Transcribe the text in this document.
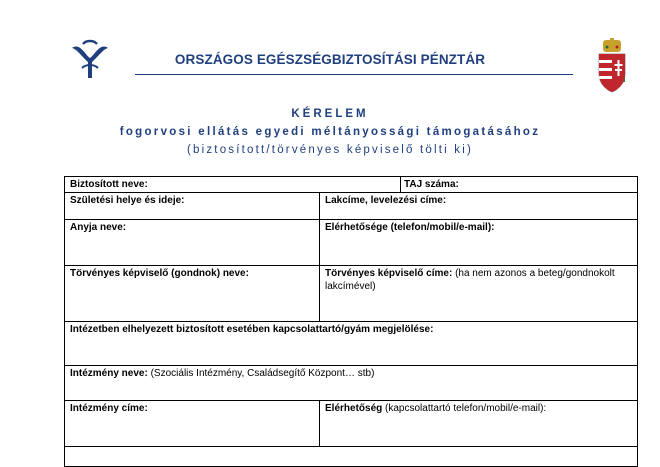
ORSZÁGOS EGÉSZSÉGBIZTOSÍTÁSI PÉNZTÁR
KÉRELEM
fogorvosi ellátás egyedi méltányossági támogatásához
(biztosított/törvényes képviselő tölti ki)
Biztosított neve:		TAJ száma:
Születési helye és ideje:	Lakcíme, levelezési címe:	
Anyja neve:	Elérhetősége (telefon/mobil/e-mail):	
Törvényes képviselő (gondnok) neve:	Törvényes képviselő címe: (ha nem azonos a beteg/gondnokolt lakcímével)	
Intézetben elhelyezett biztosított esetében kapcsolattartó/gyám megjelölése:		
Intézmény neve: (Szociális Intézmény, Családsegítő Központ… stb)		
Intézmény címe:	Elérhetőség (kapcsolattartó telefon/mobil/e-mail):	
